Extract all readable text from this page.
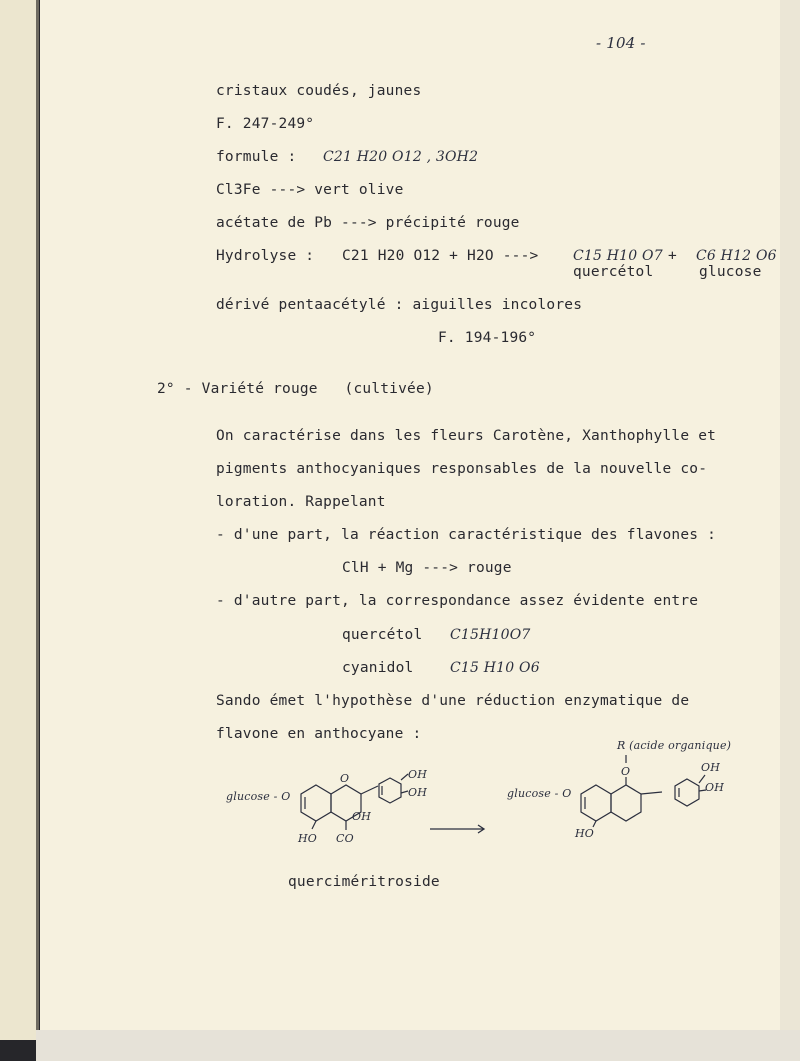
- 104 -
cristaux coudés, jaunes
F. 247-249°
formule : C21 H20 O12 , 3OH2
Cl3Fe ---> vert olive
acétate de Pb ---> précipité rouge
Hydrolyse : C21 H20 O12 + H2O ---> C15 H10 O7 + C6 H12 O6
quercétol	glucose
dérivé pentaacétylé : aiguilles incolores
F. 194-196°
2° - Variété rouge   (cultivée)
On caractérise dans les fleurs Carotène, Xanthophylle et
pigments anthocyaniques responsables de la nouvelle co-
loration. Rappelant
- d'une part, la réaction caractéristique des flavones :
ClH + Mg ---> rouge
- d'autre part, la correspondance assez évidente entre
quercétol C15H10O7
cyanidol	C15 H10 O6
Sando émet l'hypothèse d'une réduction enzymatique de
flavone en anthocyane :
glucose - O
O	OH
OH
OH
HO CO
R (acide organique)
O
glucose - O
OH
OH
HO
querciméritroside
